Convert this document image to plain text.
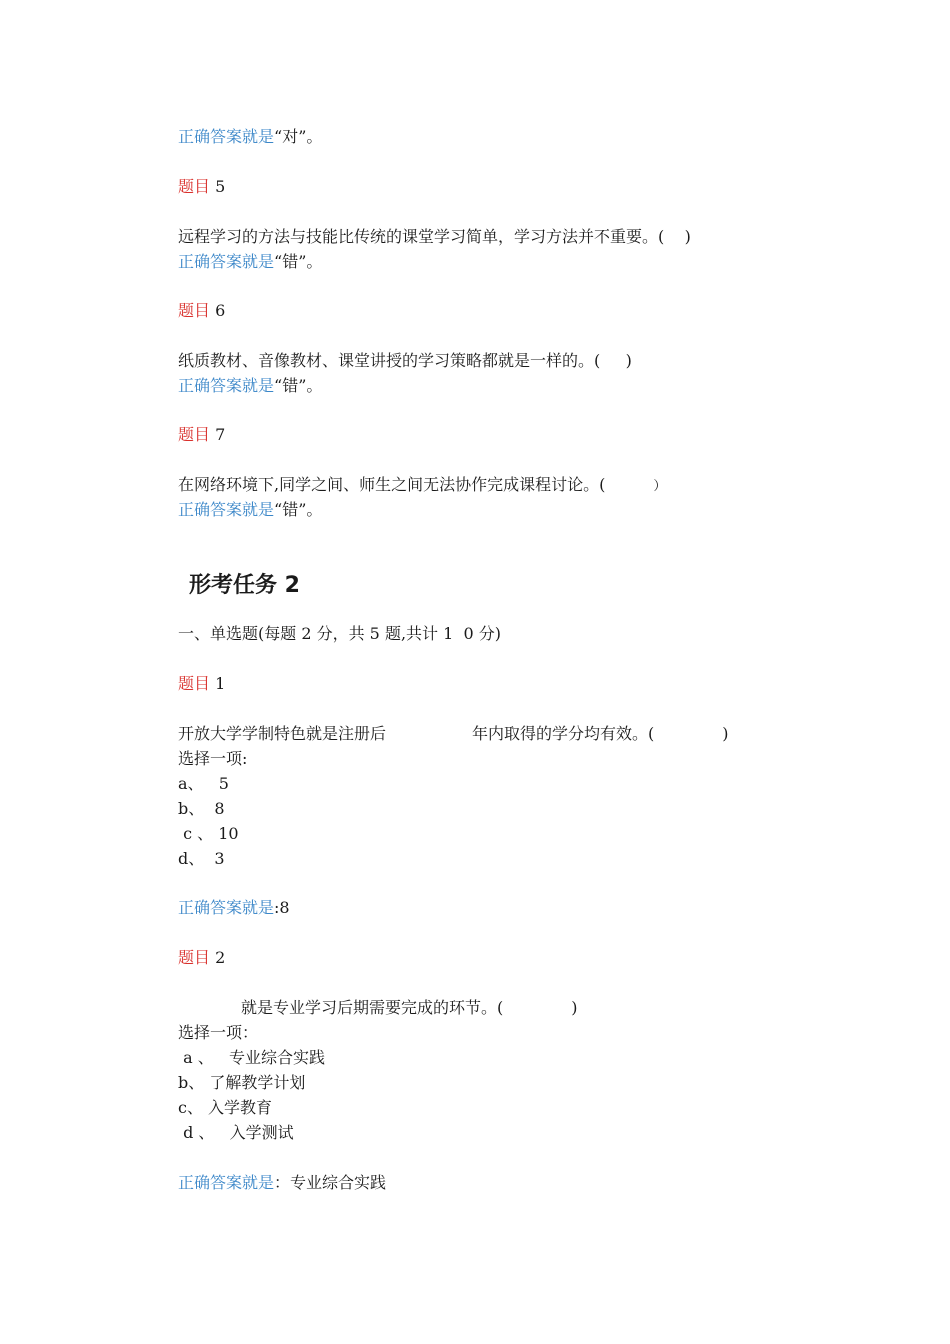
正确答案就是“对”。
题目 5
远程学习的方法与技能比传统的课堂学习简单，学习方法并不重要。(    )
正确答案就是“错”。
题目 6
纸质教材、音像教材、课堂讲授的学习策略都就是一样的。(     )
正确答案就是“错”。
题目 7
在网络环境下,同学之间、师生之间无法协作完成课程讨论。(	）
正确答案就是“错”。
形考任务 2
一、单选题(每题 2 分，共 5 题,共计 1  0 分)
题目 1
开放大学学制特色就是注册后	年内取得的学分均有效。(	)
选择一项:
a、   5
b、  8
c 、 10
d、  3
正确答案就是:8
题目 2
就是专业学习后期需要完成的环节。(	)
选择一项：
a 、   专业综合实践
b、 了解教学计划
c、 入学教育
d 、   入学测试
正确答案就是：专业综合实践
